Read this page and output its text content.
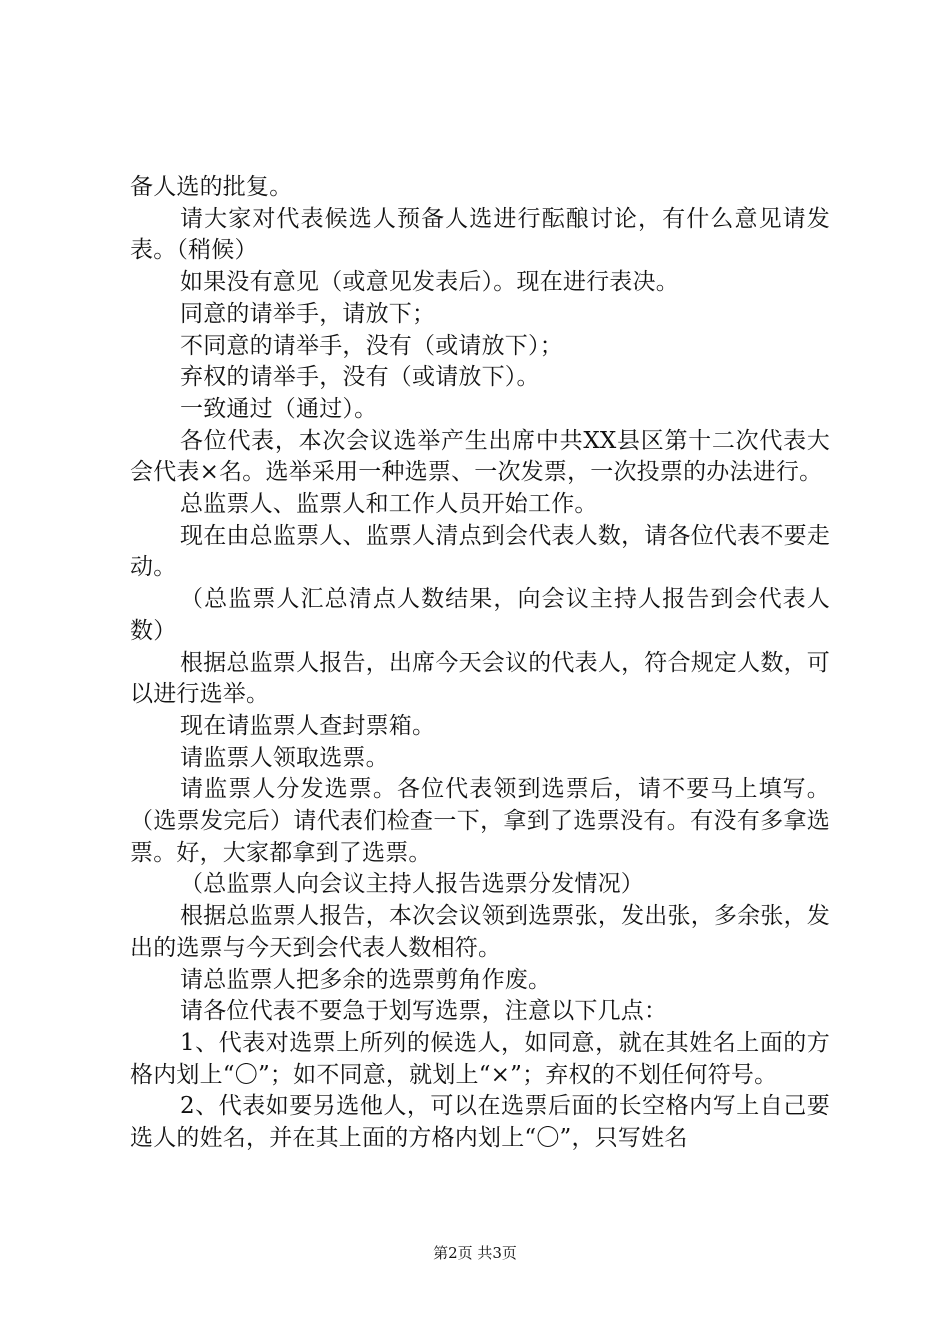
备人选的批复。

请大家对代表候选人预备人选进行酝酿讨论，有什么意见请发表。（稍候）

如果没有意见（或意见发表后）。现在进行表决。

同意的请举手，请放下；

不同意的请举手，没有（或请放下）；

弃权的请举手，没有（或请放下）。

一致通过（通过）。

各位代表，本次会议选举产生出席中共XX县区第十二次代表大会代表×名。选举采用一种选票、一次发票，一次投票的办法进行。

总监票人、监票人和工作人员开始工作。

现在由总监票人、监票人清点到会代表人数，请各位代表不要走动。

（总监票人汇总清点人数结果，向会议主持人报告到会代表人数）

根据总监票人报告，出席今天会议的代表人，符合规定人数，可以进行选举。

现在请监票人查封票箱。

请监票人领取选票。

请监票人分发选票。各位代表领到选票后，请不要马上填写。（选票发完后）请代表们检查一下，拿到了选票没有。有没有多拿选票。好，大家都拿到了选票。

（总监票人向会议主持人报告选票分发情况）

根据总监票人报告，本次会议领到选票张，发出张，多余张，发出的选票与今天到会代表人数相符。

请总监票人把多余的选票剪角作废。

请各位代表不要急于划写选票，注意以下几点：

1、代表对选票上所列的候选人，如同意，就在其姓名上面的方格内划上“〇”；如不同意，就划上“×”；弃权的不划任何符号。

2、代表如要另选他人，可以在选票后面的长空格内写上自己要选人的姓名，并在其上面的方格内划上“〇”，只写姓名

第2页 共3页
